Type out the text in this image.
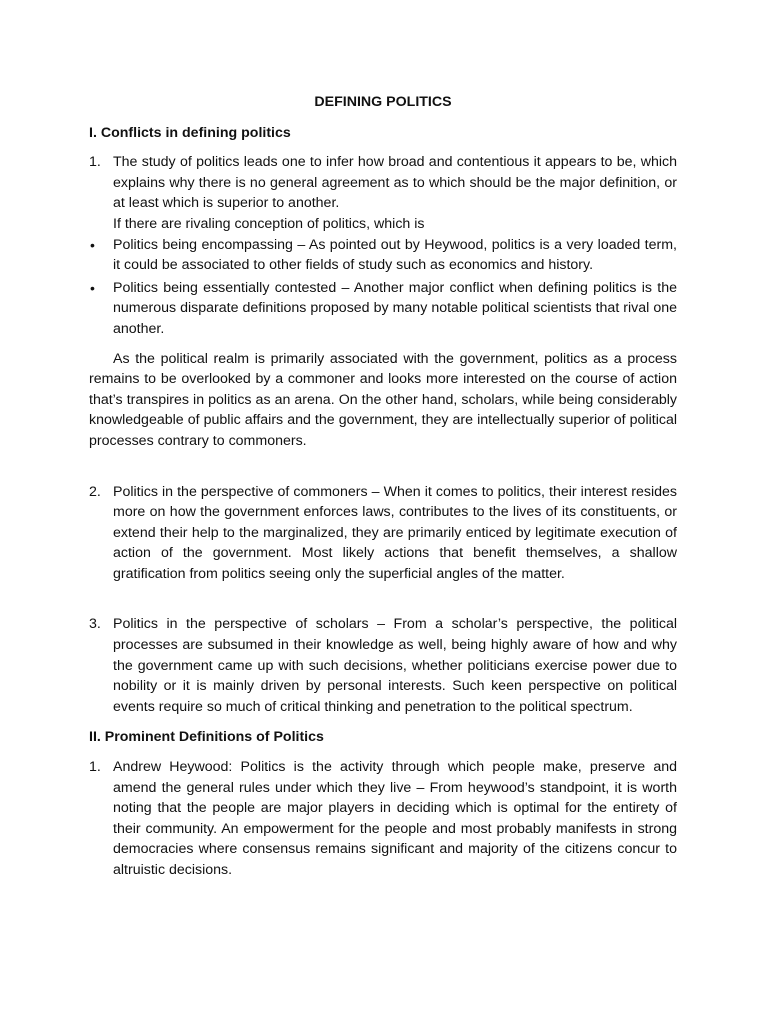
DEFINING POLITICS
I. Conflicts in defining politics
1. The study of politics leads one to infer how broad and contentious it appears to be, which explains why there is no general agreement as to which should be the major definition, or at least which is superior to another.

If there are rivaling conception of politics, which is

• Politics being encompassing – As pointed out by Heywood, politics is a very loaded term, it could be associated to other fields of study such as economics and history.

• Politics being essentially contested – Another major conflict when defining politics is the numerous disparate definitions proposed by many notable political scientists that rival one another.

As the political realm is primarily associated with the government, politics as a process remains to be overlooked by a commoner and looks more interested on the course of action that’s transpires in politics as an arena. On the other hand, scholars, while being considerably knowledgeable of public affairs and the government, they are intellectually superior of political processes contrary to commoners.

2. Politics in the perspective of commoners – When it comes to politics, their interest resides more on how the government enforces laws, contributes to the lives of its constituents, or extend their help to the marginalized, they are primarily enticed by legitimate execution of action of the government. Most likely actions that benefit themselves, a shallow gratification from politics seeing only the superficial angles of the matter.

3. Politics in the perspective of scholars – From a scholar’s perspective, the political processes are subsumed in their knowledge as well, being highly aware of how and why the government came up with such decisions, whether politicians exercise power due to nobility or it is mainly driven by personal interests. Such keen perspective on political events require so much of critical thinking and penetration to the political spectrum.

II. Prominent Definitions of Politics
1. Andrew Heywood: Politics is the activity through which people make, preserve and amend the general rules under which they live – From heywood’s standpoint, it is worth noting that the people are major players in deciding which is optimal for the entirety of their community. An empowerment for the people and most probably manifests in strong democracies where consensus remains significant and majority of the citizens concur to altruistic decisions.
